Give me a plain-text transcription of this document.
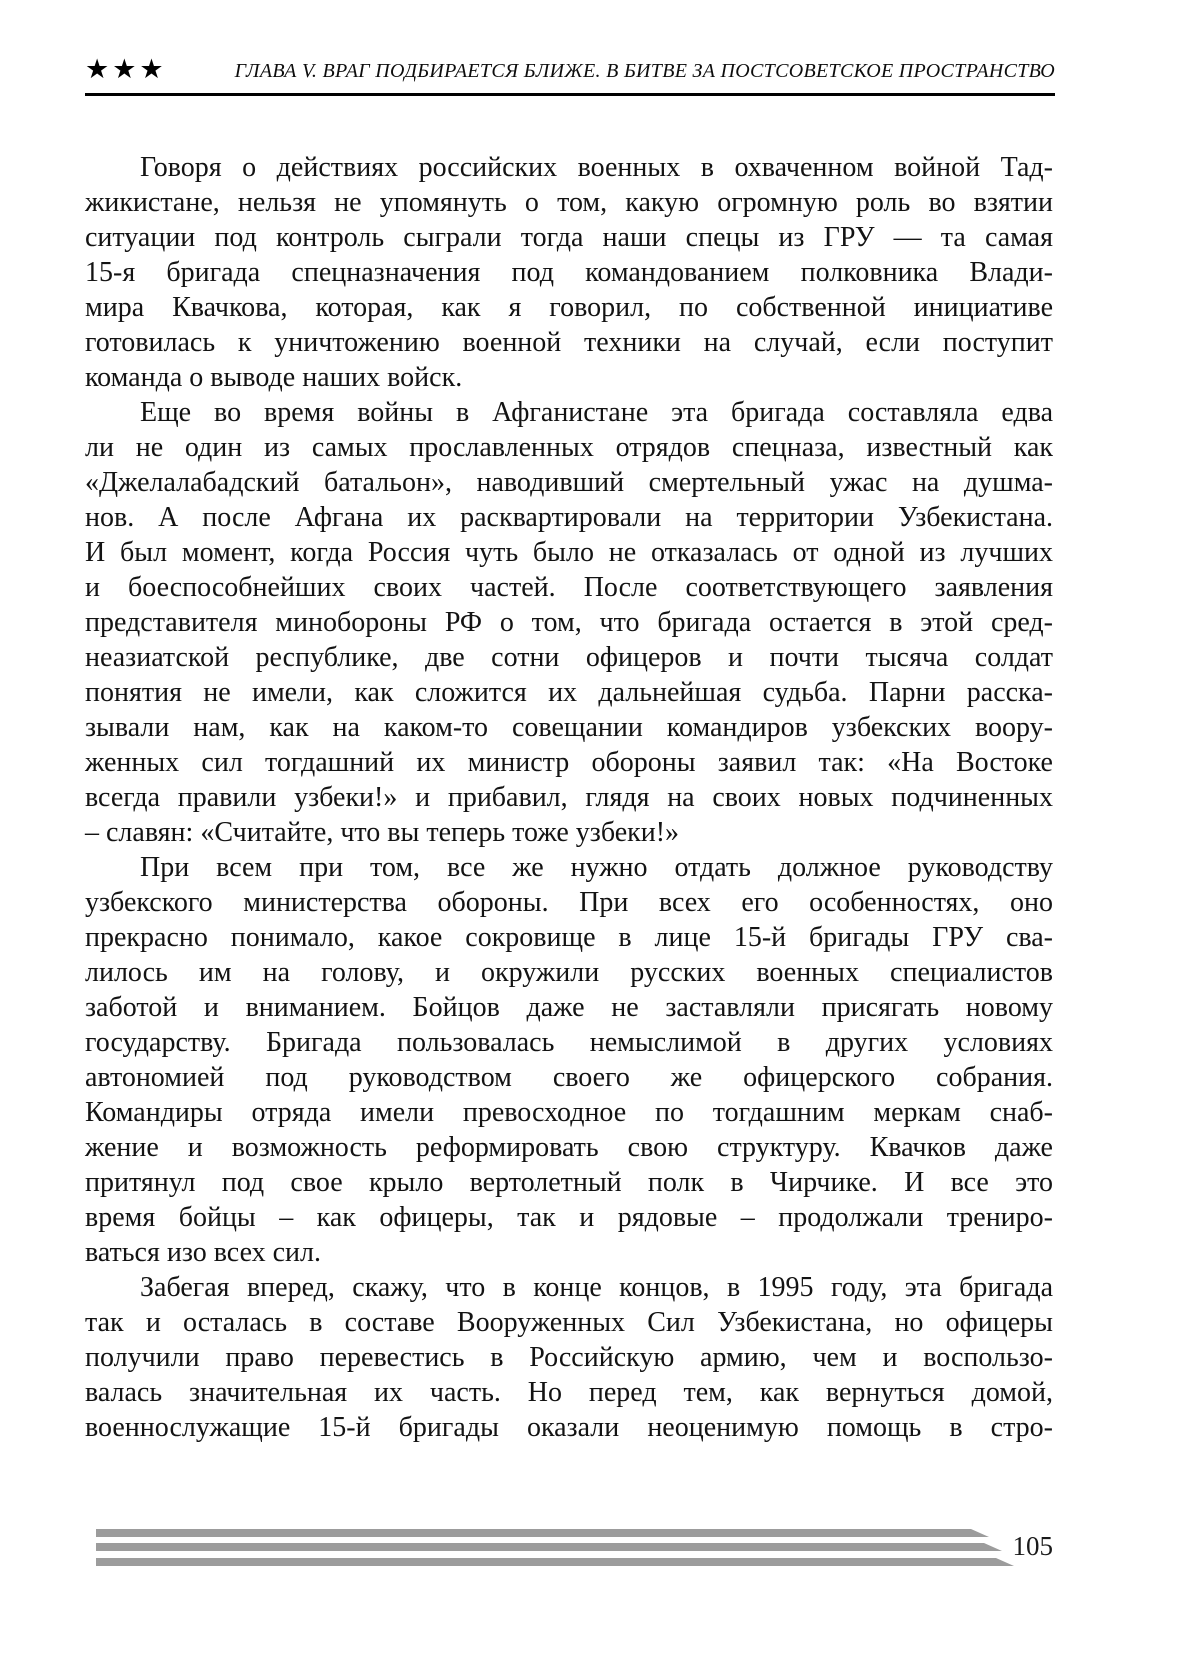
★★★	ГЛАВА V. ВРАГ ПОДБИРАЕТСЯ БЛИЖЕ. В БИТВЕ ЗА ПОСТСОВЕТСКОЕ ПРОСТРАНСТВО
Говоря о действиях российских военных в охваченном войной Тад-
жикистане, нельзя не упомянуть о том, какую огромную роль во взятии
ситуации под контроль сыграли тогда наши спецы из ГРУ — та самая
15-я бригада спецназначения под командованием полковника Влади-
мира Квачкова, которая, как я говорил, по собственной инициативе
готовилась к уничтожению военной техники на случай, если поступит
команда о выводе наших войск.
Еще во время войны в Афганистане эта бригада составляла едва
ли не один из самых прославленных отрядов спецназа, известный как
«Джелалабадский батальон», наводивший смертельный ужас на душма-
нов. А после Афгана их расквартировали на территории Узбекистана.
И был момент, когда Россия чуть было не отказалась от одной из лучших
и боеспособнейших своих частей. После соответствующего заявления
представителя минобороны РФ о том, что бригада остается в этой сред-
неазиатской республике, две сотни офицеров и почти тысяча солдат
понятия не имели, как сложится их дальнейшая судьба. Парни расска-
зывали нам, как на каком-то совещании командиров узбекских воору-
женных сил тогдашний их министр обороны заявил так: «На Востоке
всегда правили узбеки!» и прибавил, глядя на своих новых подчиненных
– славян: «Считайте, что вы теперь тоже узбеки!»
При всем при том, все же нужно отдать должное руководству
узбекского министерства обороны. При всех его особенностях, оно
прекрасно понимало, какое сокровище в лице 15-й бригады ГРУ сва-
лилось им на голову, и окружили русских военных специалистов
заботой и вниманием. Бойцов даже не заставляли присягать новому
государству. Бригада пользовалась немыслимой в других условиях
автономией под руководством своего же офицерского собрания.
Командиры отряда имели превосходное по тогдашним меркам снаб-
жение и возможность реформировать свою структуру. Квачков даже
притянул под свое крыло вертолетный полк в Чирчике. И все это
время бойцы – как офицеры, так и рядовые – продолжали трениро-
ваться изо всех сил.
Забегая вперед, скажу, что в конце концов, в 1995 году, эта бригада
так и осталась в составе Вооруженных Сил Узбекистана, но офицеры
получили право перевестись в Российскую армию, чем и воспользо-
валась значительная их часть. Но перед тем, как вернуться домой,
военнослужащие 15-й бригады оказали неоценимую помощь в стро-
105
